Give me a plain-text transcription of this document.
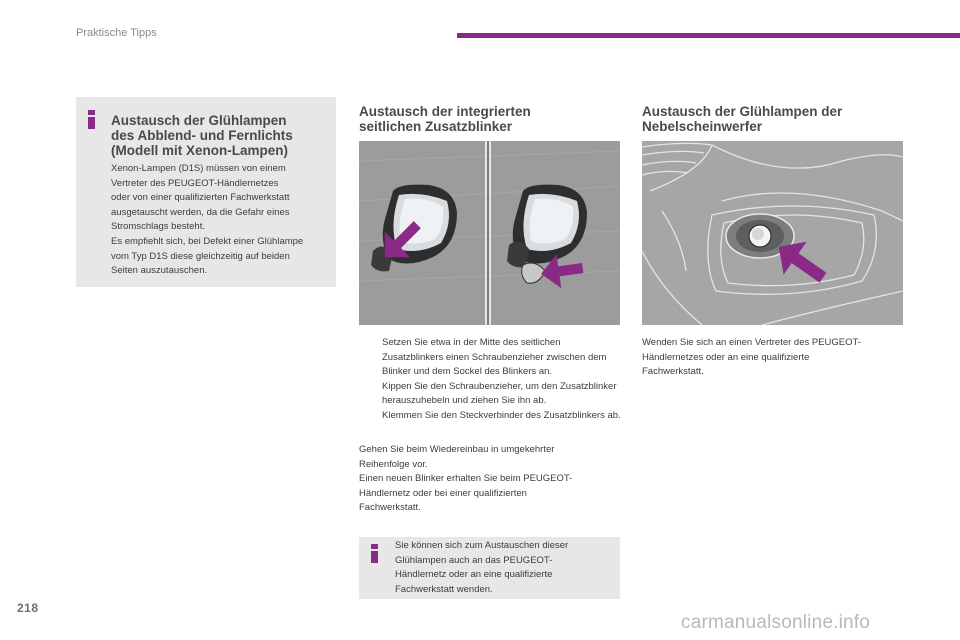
Praktische Tipps
Austausch der Glühlampen
des Abblend- und Fernlichts
(Modell mit Xenon-Lampen)
Xenon-Lampen (D1S) müssen von einem
Vertreter des PEUGEOT-Händlernetzes
oder von einer qualifizierten Fachwerkstatt
ausgetauscht werden, da die Gefahr eines
Stromschlags besteht.
Es empfiehlt sich, bei Defekt einer Glühlampe
vom Typ D1S diese gleichzeitig auf beiden
Seiten auszutauschen.
Austausch der integrierten
seitlichen Zusatzblinker
Setzen Sie etwa in der Mitte des seitlichen Zusatzblinkers einen Schraubenzieher zwischen dem Blinker und dem Sockel des Blinkers an.
Kippen Sie den Schraubenzieher, um den Zusatzblinker herauszuhebeln und ziehen Sie ihn ab.
Klemmen Sie den Steckverbinder des Zusatzblinkers ab.
Gehen Sie beim Wiedereinbau in umgekehrter
Reihenfolge vor.
Einen neuen Blinker erhalten Sie beim PEUGEOT-
Händlernetz oder bei einer qualifizierten
Fachwerkstatt.
Sie können sich zum Austauschen dieser
Glühlampen auch an das PEUGEOT-
Händlernetz oder an eine qualifizierte
Fachwerkstatt wenden.
Austausch der Glühlampen der
Nebelscheinwerfer
Wenden Sie sich an einen Vertreter des PEUGEOT-
Händlernetzes oder an eine qualifizierte
Fachwerkstatt.
218
carmanualsonline.info
